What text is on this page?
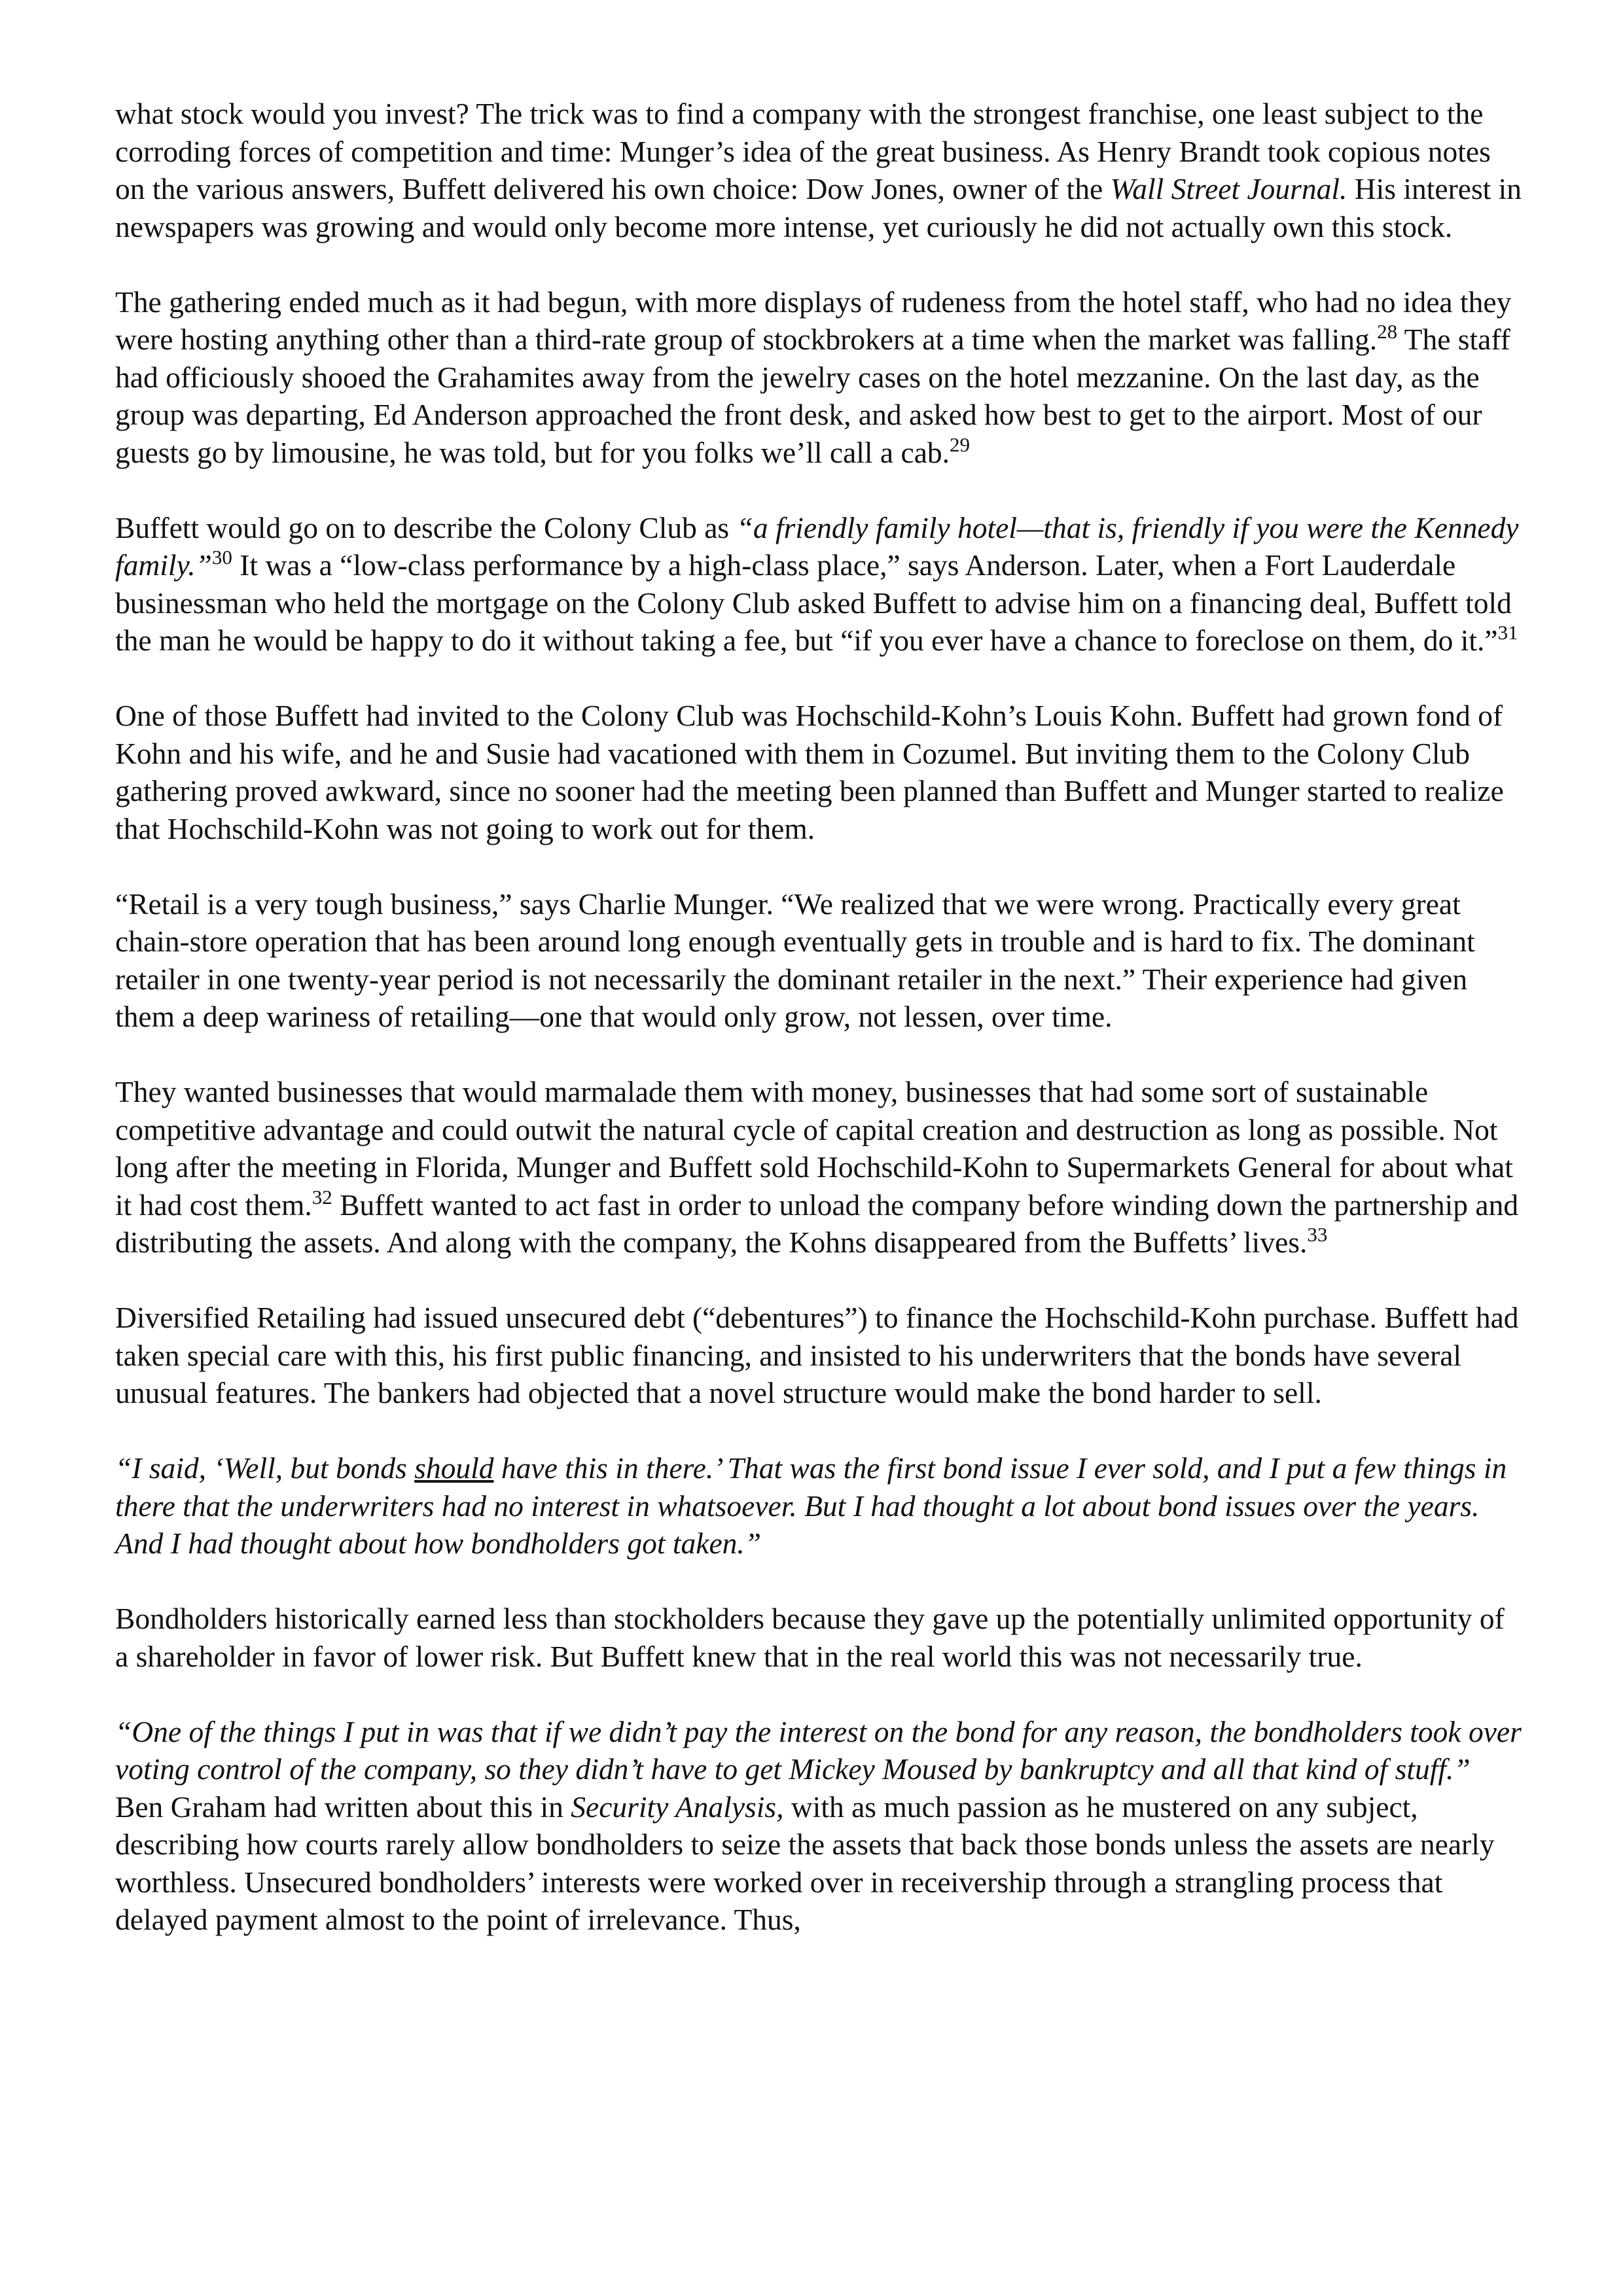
what stock would you invest? The trick was to find a company with the strongest franchise, one least subject to the corroding forces of competition and time: Munger’s idea of the great business. As Henry Brandt took copious notes on the various answers, Buffett delivered his own choice: Dow Jones, owner of the Wall Street Journal. His interest in newspapers was growing and would only become more intense, yet curiously he did not actually own this stock.

The gathering ended much as it had begun, with more displays of rudeness from the hotel staff, who had no idea they were hosting anything other than a third-rate group of stockbrokers at a time when the market was falling.$^{28}$ The staff had officiously shooed the Grahamites away from the jewelry cases on the hotel mezzanine. On the last day, as the group was departing, Ed Anderson approached the front desk, and asked how best to get to the airport. Most of our guests go by limousine, he was told, but for you folks we’ll call a cab.$^{29}$

Buffett would go on to describe the Colony Club as “a friendly family hotel—that is, friendly if you were the Kennedy family.”$^{30}$ It was a “low-class performance by a high-class place,” says Anderson. Later, when a Fort Lauderdale businessman who held the mortgage on the Colony Club asked Buffett to advise him on a financing deal, Buffett told the man he would be happy to do it without taking a fee, but “if you ever have a chance to foreclose on them, do it.”$^{31}$

One of those Buffett had invited to the Colony Club was Hochschild-Kohn’s Louis Kohn. Buffett had grown fond of Kohn and his wife, and he and Susie had vacationed with them in Cozumel. But inviting them to the Colony Club gathering proved awkward, since no sooner had the meeting been planned than Buffett and Munger started to realize that Hochschild-Kohn was not going to work out for them.

“Retail is a very tough business,” says Charlie Munger. “We realized that we were wrong. Practically every great chain-store operation that has been around long enough eventually gets in trouble and is hard to fix. The dominant retailer in one twenty-year period is not necessarily the dominant retailer in the next.” Their experience had given them a deep wariness of retailing—one that would only grow, not lessen, over time.

They wanted businesses that would marmalade them with money, businesses that had some sort of sustainable competitive advantage and could outwit the natural cycle of capital creation and destruction as long as possible. Not long after the meeting in Florida, Munger and Buffett sold Hochschild-Kohn to Supermarkets General for about what it had cost them.$^{32}$ Buffett wanted to act fast in order to unload the company before winding down the partnership and distributing the assets. And along with the company, the Kohns disappeared from the Buffetts’ lives.$^{33}$

Diversified Retailing had issued unsecured debt (“debentures”) to finance the Hochschild-Kohn purchase. Buffett had taken special care with this, his first public financing, and insisted to his underwriters that the bonds have several unusual features. The bankers had objected that a novel structure would make the bond harder to sell.

“I said, ‘Well, but bonds should have this in there.’ That was the first bond issue I ever sold, and I put a few things in there that the underwriters had no interest in whatsoever. But I had thought a lot about bond issues over the years. And I had thought about how bondholders got taken.”

Bondholders historically earned less than stockholders because they gave up the potentially unlimited opportunity of a shareholder in favor of lower risk. But Buffett knew that in the real world this was not necessarily true.

“One of the things I put in was that if we didn’t pay the interest on the bond for any reason, the bondholders took over voting control of the company, so they didn’t have to get Mickey Moused by bankruptcy and all that kind of stuff.” Ben Graham had written about this in Security Analysis, with as much passion as he mustered on any subject, describing how courts rarely allow bondholders to seize the assets that back those bonds unless the assets are nearly worthless. Unsecured bondholders’ interests were worked over in receivership through a strangling process that delayed payment almost to the point of irrelevance. Thus,
